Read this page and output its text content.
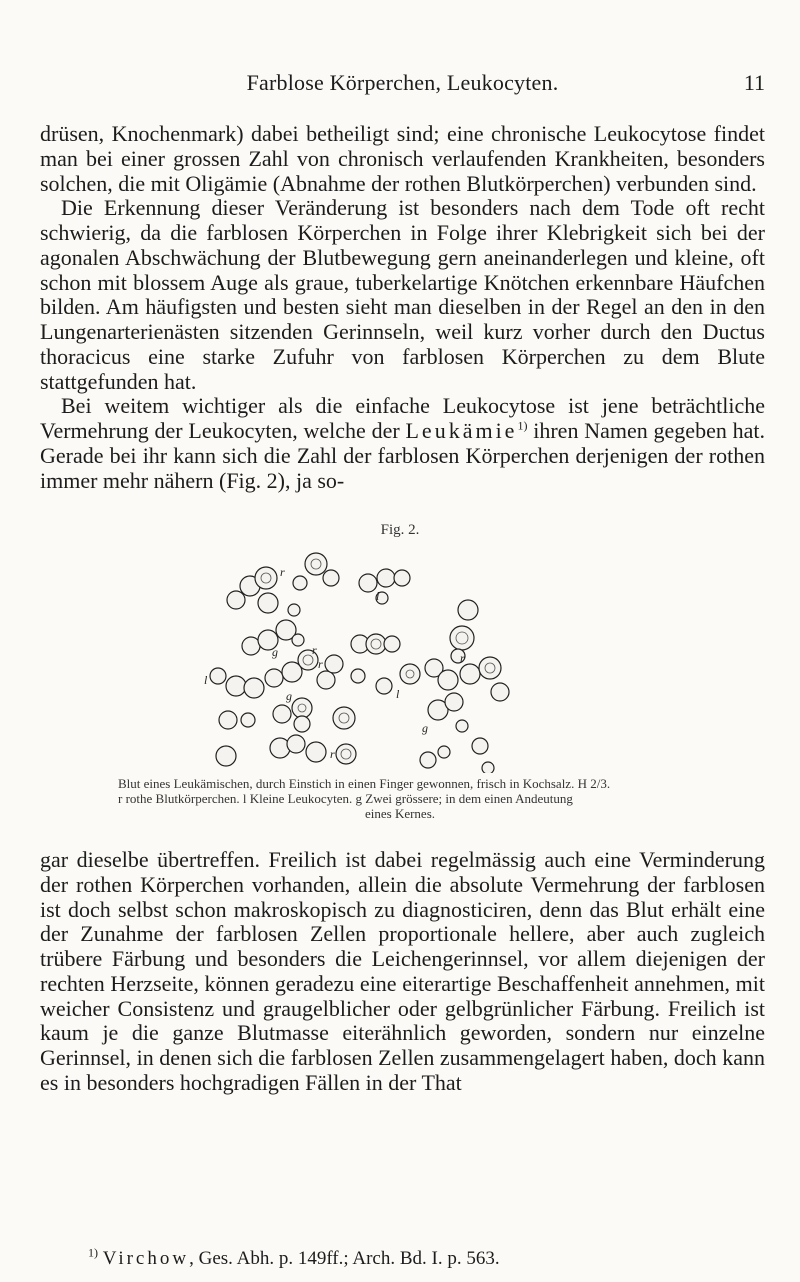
Farblose Körperchen, Leukocyten.	11

drüsen, Knochenmark) dabei betheiligt sind; eine chronische Leukocytose findet man bei einer grossen Zahl von chronisch verlaufenden Krankheiten, besonders solchen, die mit Oligämie (Abnahme der rothen Blutkörperchen) verbunden sind.

Die Erkennung dieser Veränderung ist besonders nach dem Tode oft recht schwierig, da die farblosen Körperchen in Folge ihrer Klebrigkeit sich bei der agonalen Abschwächung der Blutbewegung gern aneinanderlegen und kleine, oft schon mit blossem Auge als graue, tuberkelartige Knötchen erkennbare Häufchen bilden. Am häufigsten und besten sieht man dieselben in der Regel an den in den Lungenarterienästen sitzenden Gerinnseln, weil kurz vorher durch den Ductus thoracicus eine starke Zufuhr von farblosen Körperchen zu dem Blute stattgefunden hat.

Bei weitem wichtiger als die einfache Leukocytose ist jene beträchtliche Vermehrung der Leukocyten, welche der Leukämie$^{1)}$ ihren Namen gegeben hat. Gerade bei ihr kann sich die Zahl der farblosen Körperchen derjenigen der rothen immer mehr nähern (Fig. 2), ja so-

Fig. 2.
r
l
g	r
l
r
g	l
r
g
r
Blut eines Leukämischen, durch Einstich in einen Finger gewonnen, frisch in Kochsalz. H 2/3.
r rothe Blutkörperchen. l Kleine Leukocyten. g Zwei grössere; in dem einen Andeutung
eines Kernes.

gar dieselbe übertreffen. Freilich ist dabei regelmässig auch eine Verminderung der rothen Körperchen vorhanden, allein die absolute Vermehrung der farblosen ist doch selbst schon makroskopisch zu diagnosticiren, denn das Blut erhält eine der Zunahme der farblosen Zellen proportionale hellere, aber auch zugleich trübere Färbung und besonders die Leichengerinnsel, vor allem diejenigen der rechten Herzseite, können geradezu eine eiterartige Beschaffenheit annehmen, mit weicher Consistenz und graugelblicher oder gelbgrünlicher Färbung. Freilich ist kaum je die ganze Blutmasse eiterähnlich geworden, sondern nur einzelne Gerinnsel, in denen sich die farblosen Zellen zusammengelagert haben, doch kann es in besonders hochgradigen Fällen in der That

$^{1)}$ Virchow, Ges. Abh. p. 149ff.; Arch. Bd. I. p. 563.
